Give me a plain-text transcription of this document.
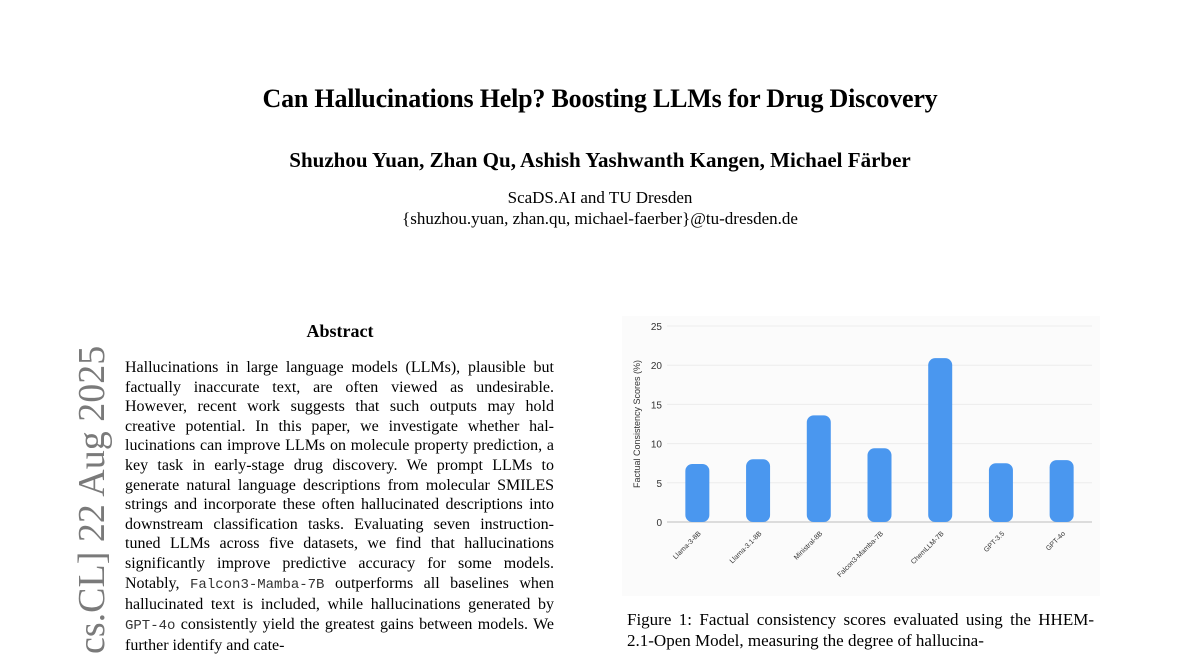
Can Hallucinations Help? Boosting LLMs for Drug Discovery
Shuzhou Yuan, Zhan Qu, Ashish Yashwanth Kangen, Michael Färber
ScaDS.AI and TU Dresden
{shuzhou.yuan, zhan.qu, michael-faerber}@tu-dresden.de
cs.CL] 22 Aug 2025
Abstract
Hallucinations in large language models (LLMs), plausible but factually inaccurate text, are often viewed as undesirable. However, recent work suggests that such outputs may hold creative potential. In this paper, we investigate whether hallucinations can improve LLMs on molecule property prediction, a key task in early-stage drug discovery. We prompt LLMs to generate natural language descriptions from molecular SMILES strings and incorporate these often hallucinated descriptions into downstream classification tasks. Evaluating seven instruction-tuned LLMs across five datasets, we find that hallucinations significantly improve predictive accuracy for some models. Notably, Falcon3-Mamba-7B outperforms all baselines when hallucinated text is included, while hallucinations generated by GPT-4o consistently yield the greatest gains between models. We further identify and cate-
0
5
10
15
20
25
Factual Consistency Scores (%)
Llama-3-8B	Llama-3.1-8B	Ministral-8B Falcon3-Mamba-7B	ChemLLM-7B	GPT-3.5	GPT-4o
Figure 1: Factual consistency scores evaluated using the HHEM-2.1-Open Model, measuring the degree of hallucina-
